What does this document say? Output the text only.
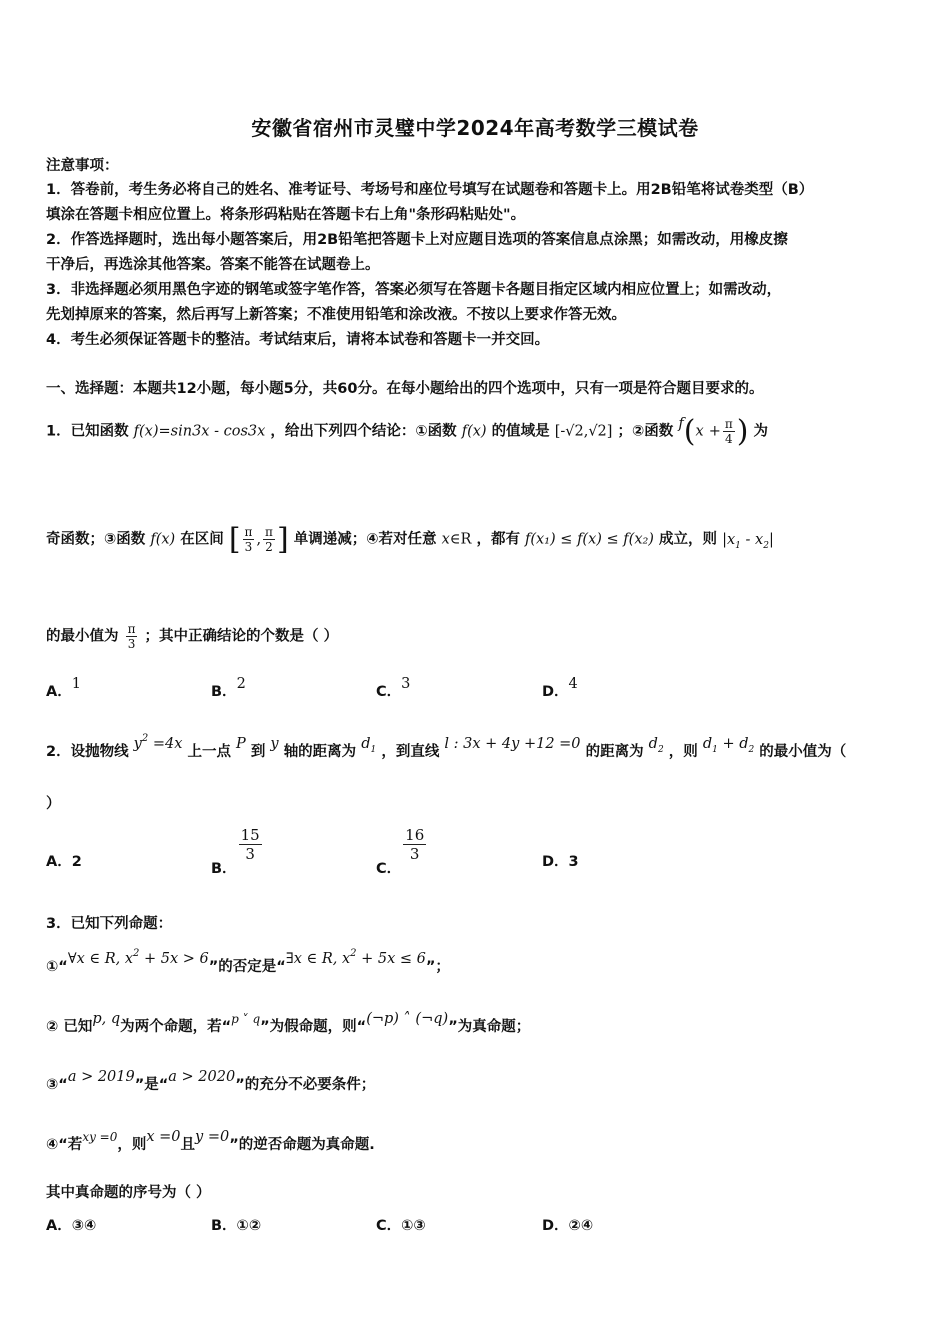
安徽省宿州市灵璧中学2024年高考数学三模试卷
注意事项：
1．答卷前，考生务必将自己的姓名、准考证号、考场号和座位号填写在试题卷和答题卡上。用2B铅笔将试卷类型（B）
填涂在答题卡相应位置上。将条形码粘贴在答题卡右上角"条形码粘贴处"。
2．作答选择题时，选出每小题答案后，用2B铅笔把答题卡上对应题目选项的答案信息点涂黑；如需改动，用橡皮擦
干净后，再选涂其他答案。答案不能答在试题卷上。
3．非选择题必须用黑色字迹的钢笔或签字笔作答，答案必须写在答题卡各题目指定区域内相应位置上；如需改动，
先划掉原来的答案，然后再写上新答案；不准使用铅笔和涂改液。不按以上要求作答无效。
4．考生必须保证答题卡的整洁。考试结束后，请将本试卷和答题卡一并交回。
一、选择题：本题共12小题，每小题5分，共60分。在每小题给出的四个选项中，只有一项是符合题目要求的。
1．已知函数 f(x)=sin3x - cos3x ，给出下列四个结论：①函数 f(x) 的值域是 [-√2,√2] ；②函数 $f(x + \frac{\pi}{4}$ ) 为
奇函数；③函数 f(x) 在区间 [ $\frac{\pi}{3}$ , $\frac{\pi}{2}$ ] 单调递减；④若对任意 x∈R ，都有 f(x₁) ≤ f(x) ≤ f(x₂) 成立，则 $|x_1 - x_2|$
的最小值为 $\frac{\pi}{3}$ ；其中正确结论的个数是（ ）
A．1	B．2	C．3	D．4
2．设抛物线 $y^2 =4x$ 上一点 P 到 y 轴的距离为 $d_1$ ，到直线 l : 3x + 4y +12 =0 的距离为 $d_2$ ，则 $d_1 + d_2$ 的最小值为（
）
A．2	B．
$\frac{15}{3}$
C．
$\frac{16}{3}$	D．3
3．已知下列命题：
①“∀x ∈ R, $x^2 + 5x > 6$”的否定是“∃x ∈ R, $x^2 + 5x \le 6$”；
② 已知p, q为两个命题，若“$^{p ˅ q}$”为假命题，则“(¬p) ˄ (¬q)”为真命题；
③“a > 2019”是“a > 2020”的充分不必要条件；
④“若$^{xy =0}$，则x =0且y =0”的逆否命题为真命题.
其中真命题的序号为（ ）
A．③④	B．①②	C．①③	D．②④
